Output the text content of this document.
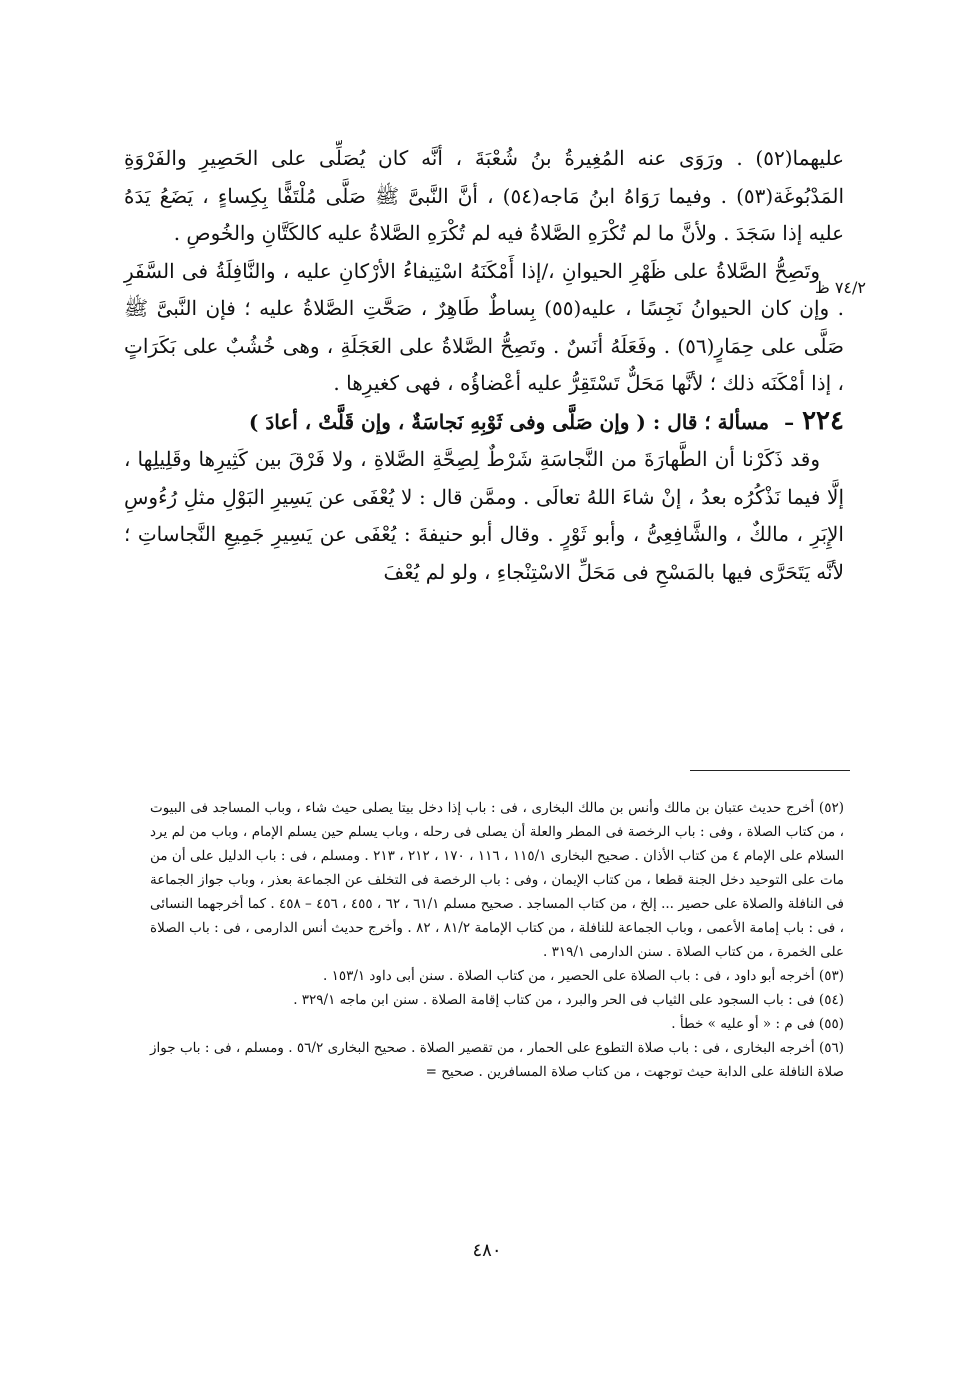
٧٤/٢ ظ

عليهما(٥٢) . ورَوَى عنه المُغِيرةُ بنُ شُعْبَةَ ، أنَّه كان يُصَلِّى على الحَصِيرِ والفَرْوَةِ المَدْبُوغَة(٥٣) . وفيما رَوَاهُ ابنُ مَاجه(٥٤) ، أنَّ النَّبىَّ ﷺ صَلَّى مُلْتَفًّا بِكِساءٍ ، يَضَعُ يَدَهُ عليه إذا سَجَدَ . ولأنَّ ما لم تُكْرَهِ الصَّلاةُ فيه لم تُكْرَهِ الصَّلاةُ عليه كالكَتَّانِ والخُوصِ .

وتَصِحُّ الصَّلاةُ على ظَهْرِ الحيوانِ ،/إذا أَمْكَنَهُ اسْتِيفاءُ الأرْكانِ عليه ، والنَّافِلَةُ فى السَّفَرِ . وإن كان الحيوانُ نَجِسًا ، عليه(٥٥) بِساطٌ طَاهِرٌ ، صَحَّتِ الصَّلاةُ عليه ؛ فإن النَّبىَّ ﷺ صَلَّى على حِمَارٍ(٥٦) . وفَعَلَهُ أنَسٌ . وتَصِحُّ الصَّلاةُ على العَجَلَةِ ، وهى خُشُبٌ على بَكَرَاتٍ ، إذا أمْكَنَه ذلك ؛ لأنَّها مَحَلٌّ تَسْتَقِرُّ عليه أعْضاؤُه ، فهى كغيرِها .

٢٢٤– مسألة ؛ قال : ( وإن صَلَّى وفى ثَوْبِهِ نَجاسَةٌ ، وإن قَلَّتْ ، أعادَ )

وقد ذَكَرْنا أن الطَّهارَةَ من النَّجاسَةِ شَرْطٌ لِصِحَّةِ الصَّلاةِ ، ولا فَرْقَ بين كَثِيرِها وقَلِيلِها ، إلَّا فيما نَذْكُرُه بعدُ ، إنْ شاءَ اللهُ تعالَى . وممَّن قال : لا يُعْفَى عن يَسِيرِ البَوْلِ مثلِ رُءُوسِ الإِبَرِ ، مالكٌ ، والشَّافِعِىُّ ، وأبو ثَوْرٍ . وقال أبو حنيفةَ : يُعْفَى عن يَسِيرِ جَمِيعِ النَّجاساتِ ؛ لأنَّه يَتَحَرَّى فيها بالمَسْحِ فى مَحَلِّ الاسْتِنْجاءِ ، ولو لم يُعْفَ

(٥٢) أخرج حديث عتبان بن مالك وأنس بن مالك البخارى ، فى : باب إذا دخل بيتا يصلى حيث شاء ، وباب المساجد فى البيوت ، من كتاب الصلاة ، وفى : باب الرخصة فى المطر والعلة أن يصلى فى رحله ، وباب يسلم حين يسلم الإمام ، وباب من لم يرد السلام على الإمام ٤ من كتاب الأذان . صحيح البخارى ١١٥/١ ، ١١٦ ، ١٧٠ ، ٢١٢ ، ٢١٣ . ومسلم ، فى : باب الدليل على أن من مات على التوحيد دخل الجنة قطعا ، من كتاب الإيمان ، وفى : باب الرخصة فى التخلف عن الجماعة بعذر ، وباب جواز الجماعة فى النافلة والصلاة على حصير ... إلخ ، من كتاب المساجد . صحيح مسلم ٦١/١ ، ٦٢ ، ٤٥٥ ، ٤٥٦ – ٤٥٨ . كما أخرجهما النسائى ، فى : باب إمامة الأعمى ، وباب الجماعة للنافلة ، من كتاب الإمامة ٨١/٢ ، ٨٢ . وأخرج حديث أنس الدارمى ، فى : باب الصلاة على الخمرة ، من كتاب الصلاة . سنن الدارمى ٣١٩/١ .

(٥٣) أخرجه أبو داود ، فى : باب الصلاة على الحصير ، من كتاب الصلاة . سنن أبى داود ١٥٣/١ .

(٥٤) فى : باب السجود على الثياب فى الحر والبرد ، من كتاب إقامة الصلاة . سنن ابن ماجه ٣٢٩/١ .

(٥٥) فى م : « أو عليه » خطأ .

(٥٦) أخرجه البخارى ، فى : باب صلاة التطوع على الحمار ، من تقصير الصلاة . صحيح البخارى ٥٦/٢ . ومسلم ، فى : باب جواز صلاة النافلة على الدابة حيث توجهت ، من كتاب صلاة المسافرين . صحيح =

٤٨٠
